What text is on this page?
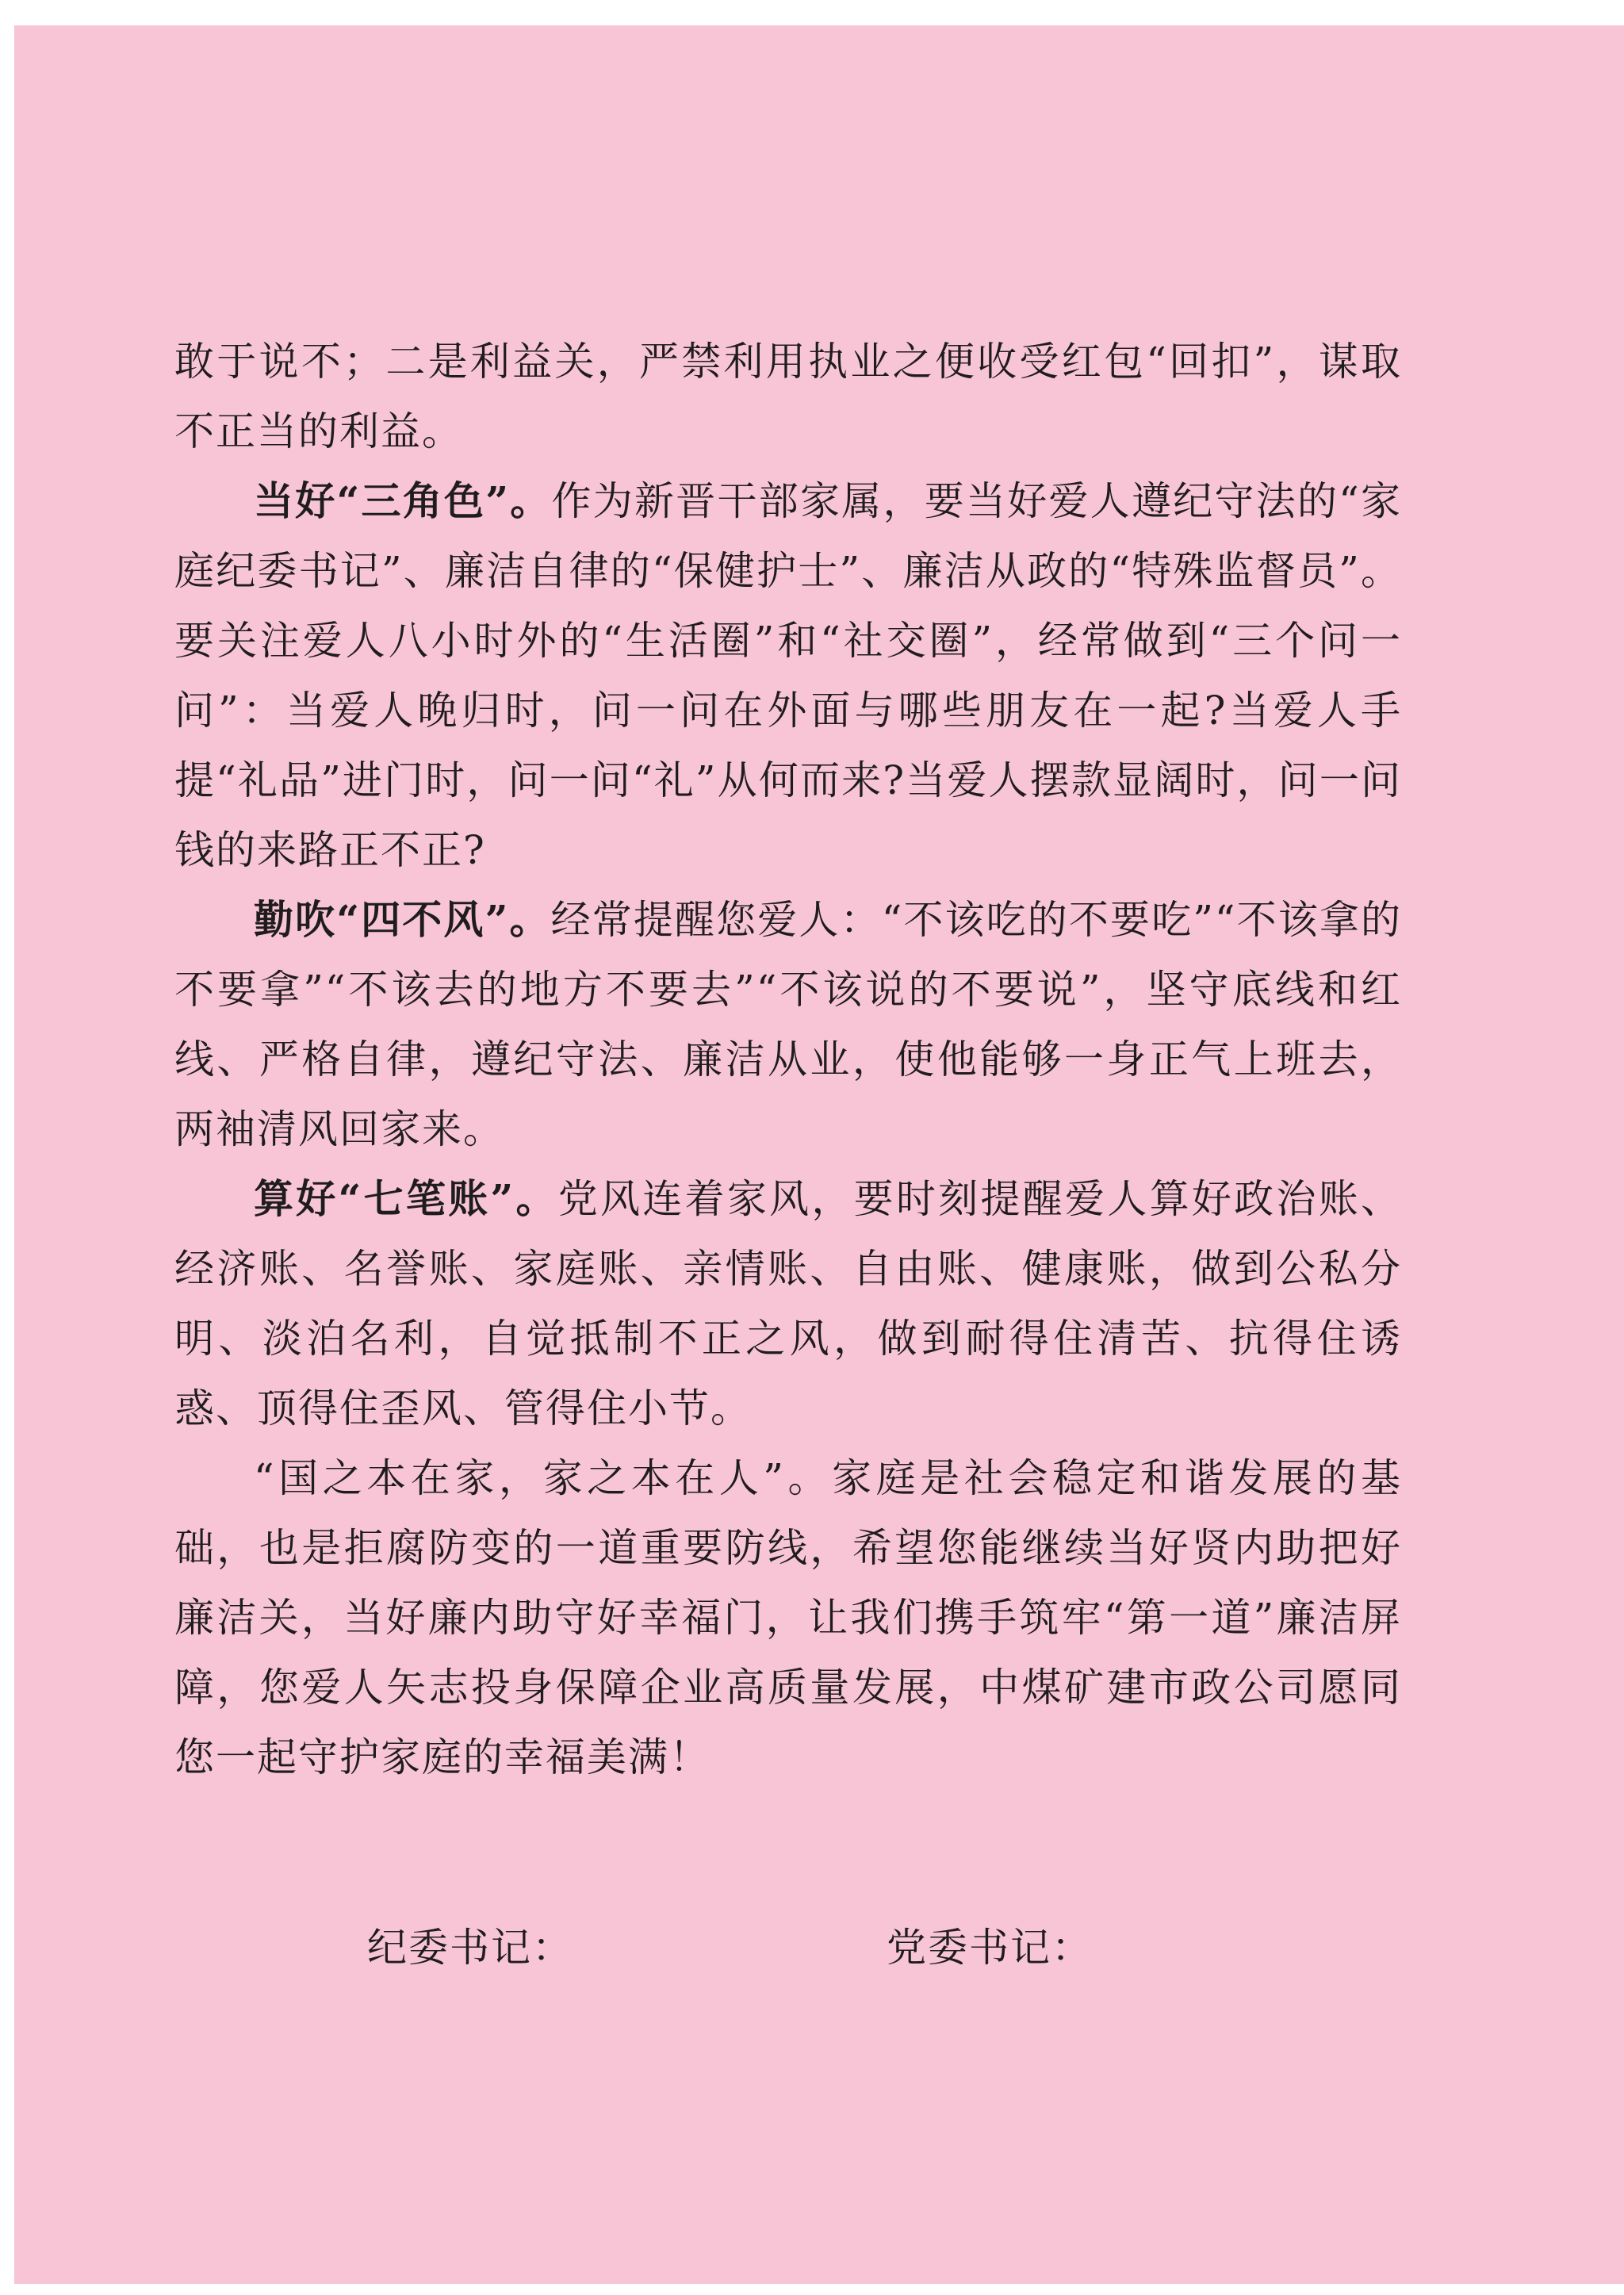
敢于说不；二是利益关，严禁利用执业之便收受红包“回扣”，谋取不正当的利益。

当好“三角色”。作为新晋干部家属，要当好爱人遵纪守法的“家庭纪委书记”、廉洁自律的“保健护士”、廉洁从政的“特殊监督员”。要关注爱人八小时外的“生活圈”和“社交圈”，经常做到“三个问一问”：当爱人晚归时，问一问在外面与哪些朋友在一起?当爱人手提“礼品”进门时，问一问“礼”从何而来?当爱人摆款显阔时，问一问钱的来路正不正?

勤吹“四不风”。经常提醒您爱人：“不该吃的不要吃”“不该拿的不要拿”“不该去的地方不要去”“不该说的不要说”，坚守底线和红线、严格自律，遵纪守法、廉洁从业，使他能够一身正气上班去，两袖清风回家来。

算好“七笔账”。党风连着家风，要时刻提醒爱人算好政治账、经济账、名誉账、家庭账、亲情账、自由账、健康账，做到公私分明、淡泊名利，自觉抵制不正之风，做到耐得住清苦、抗得住诱惑、顶得住歪风、管得住小节。

“国之本在家，家之本在人”。家庭是社会稳定和谐发展的基础，也是拒腐防变的一道重要防线，希望您能继续当好贤内助把好廉洁关，当好廉内助守好幸福门，让我们携手筑牢“第一道”廉洁屏障，您爱人矢志投身保障企业高质量发展，中煤矿建市政公司愿同您一起守护家庭的幸福美满！

纪委书记：	党委书记：
